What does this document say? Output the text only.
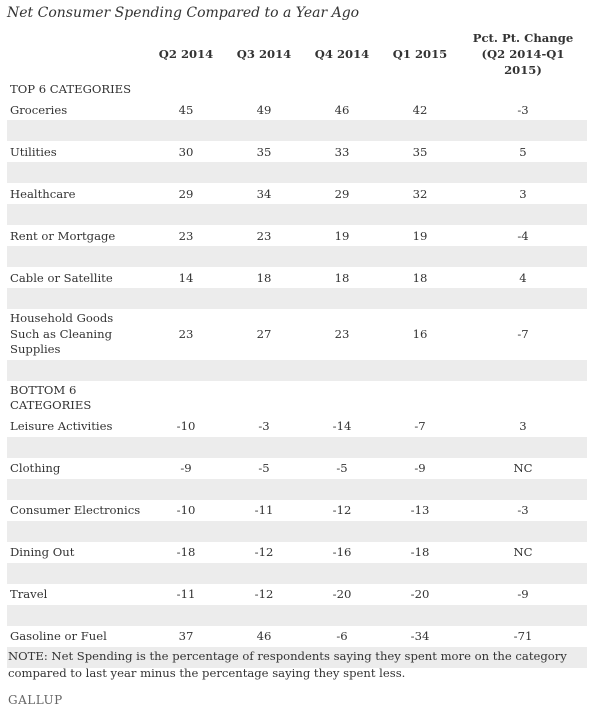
Net Consumer Spending Compared to a Year Ago
	Q2 2014	Q3 2014	Q4 2014	Q1 2015	Pct. Pt. Change (Q2 2014-Q1 2015)
TOP 6 CATEGORIES					
Groceries	45	49	46	42	-3

Utilities	30	35	33	35	5

Healthcare	29	34	29	32	3

Rent or Mortgage	23	23	19	19	-4

Cable or Satellite	14	18	18	18	4

Household Goods Such as Cleaning Supplies	23	27	23	16	-7

BOTTOM 6 CATEGORIES					
Leisure Activities	-10	-3	-14	-7	3

Clothing	-9	-5	-5	-9	NC

Consumer Electronics	-10	-11	-12	-13	-3

Dining Out	-18	-12	-16	-18	NC

Travel	-11	-12	-20	-20	-9

Gasoline or Fuel	37	46	-6	-34	-71

NOTE: Net Spending is the percentage of respondents saying they spent more on the category compared to last year minus the percentage saying they spent less.
GALLUP
